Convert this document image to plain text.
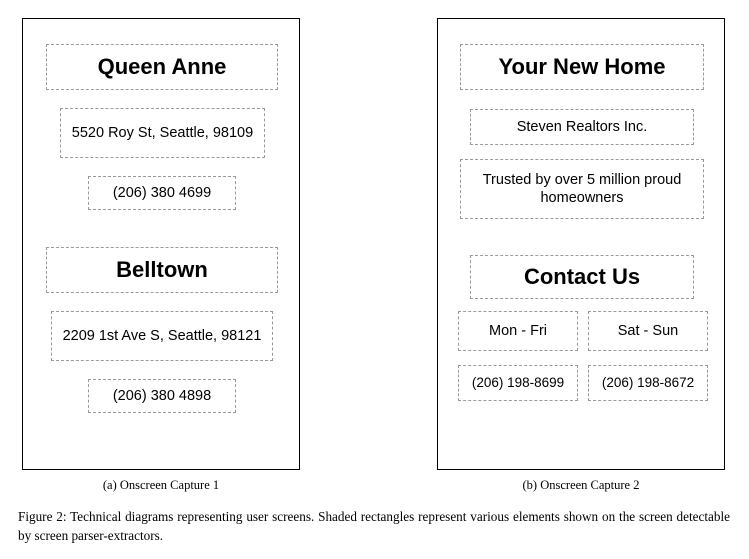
Queen Anne
5520 Roy St, Seattle, 98109
(206) 380 4699
Belltown
2209 1st Ave S, Seattle, 98121
(206) 380 4898
Your New Home
Steven Realtors Inc.
Trusted by over 5 million proud homeowners
Contact Us
Mon - Fri	Sat - Sun
(206) 198-8699	(206) 198-8672
(a) Onscreen Capture 1	(b) Onscreen Capture 2
Figure 2: Technical diagrams representing user screens. Shaded rectangles represent various elements shown on the screen detectable by screen parser-extractors.
